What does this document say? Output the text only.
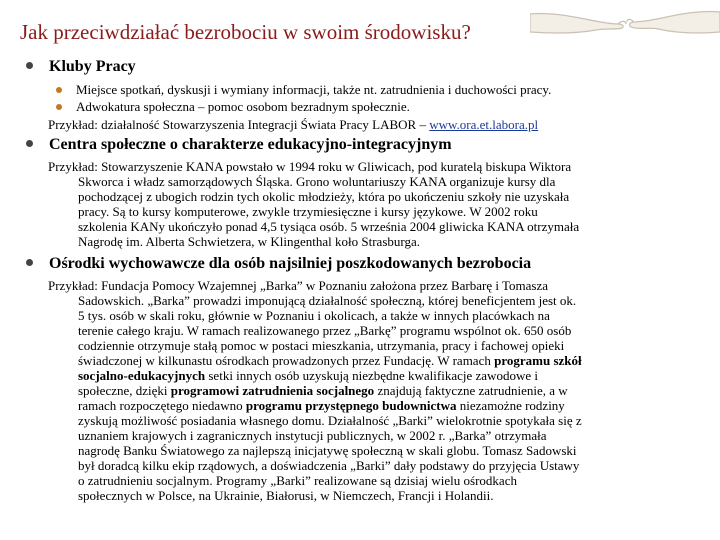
Jak przeciwdziałać bezrobociu w swoim środowisku?
Kluby Pracy
Miejsce spotkań, dyskusji i wymiany informacji, także nt. zatrudnienia i duchowości pracy.
Adwokatura społeczna – pomoc osobom bezradnym społecznie.
Przykład: działalność Stowarzyszenia Integracji Świata Pracy LABOR – www.ora.et.labora.pl
Centra społeczne o charakterze edukacyjno-integracyjnym
Przykład: Stowarzyszenie KANA powstało w 1994 roku w Gliwicach, pod kuratelą biskupa Wiktora
Skworca i władz samorządowych Śląska. Grono woluntariuszy KANA organizuje kursy dla
pochodzącej z ubogich rodzin tych okolic młodzieży, która po ukończeniu szkoły nie uzyskała
pracy. Są to kursy komputerowe, zwykle trzymiesięczne i kursy językowe. W 2002 roku
szkolenia KANy ukończyło ponad 4,5 tysiąca osób. 5 września 2004 gliwicka KANA otrzymała
Nagrodę im. Alberta Schwietzera, w Klingenthal koło Strasburga.
Ośrodki wychowawcze dla osób najsilniej poszkodowanych bezrobocia
Przykład: Fundacja Pomocy Wzajemnej „Barka” w Poznaniu założona przez Barbarę i Tomasza
Sadowskich. „Barka” prowadzi imponującą działalność społeczną, której beneficjentem jest ok.
5 tys. osób w skali roku, głównie w Poznaniu i okolicach, a także w innych placówkach na
terenie całego kraju. W ramach realizowanego przez „Barkę” programu wspólnot ok. 650 osób
codziennie otrzymuje stałą pomoc w postaci mieszkania, utrzymania, pracy i fachowej opieki
świadczonej w kilkunastu ośrodkach prowadzonych przez Fundację. W ramach programu szkół
socjalno-edukacyjnych setki innych osób uzyskują niezbędne kwalifikacje zawodowe i
społeczne, dzięki programowi zatrudnienia socjalnego znajdują faktyczne zatrudnienie, a w
ramach rozpoczętego niedawno programu przystępnego budownictwa niezamożne rodziny
zyskują możliwość posiadania własnego domu. Działalność „Barki” wielokrotnie spotykała się z
uznaniem krajowych i zagranicznych instytucji publicznych, w 2002 r. „Barka” otrzymała
nagrodę Banku Światowego za najlepszą inicjatywę społeczną w skali globu. Tomasz Sadowski
był doradcą kilku ekip rządowych, a doświadczenia „Barki” dały podstawy do przyjęcia Ustawy
o zatrudnieniu socjalnym. Programy „Barki” realizowane są dzisiaj wielu ośrodkach
społecznych w Polsce, na Ukrainie, Białorusi, w Niemczech, Francji i Holandii.
